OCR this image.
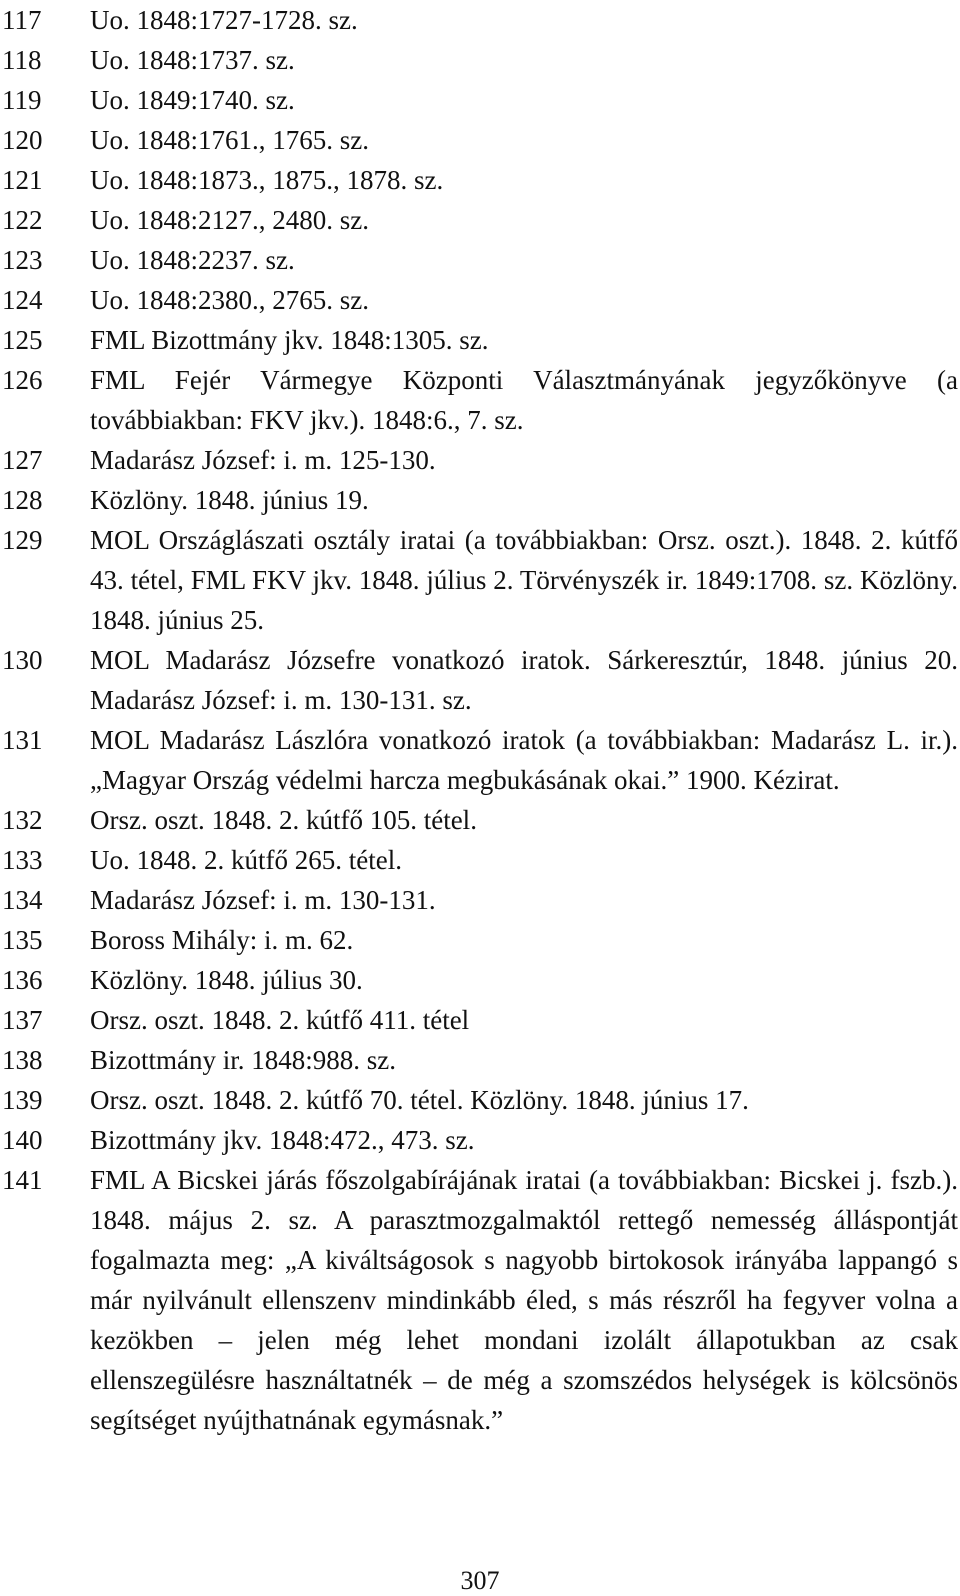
117	Uo. 1848:1727-1728. sz.
118	Uo. 1848:1737. sz.
119	Uo. 1849:1740. sz.
120	Uo. 1848:1761., 1765. sz.
121	Uo. 1848:1873., 1875., 1878. sz.
122	Uo. 1848:2127., 2480. sz.
123	Uo. 1848:2237. sz.
124	Uo. 1848:2380., 2765. sz.
125	FML Bizottmány jkv. 1848:1305. sz.
126	FML Fejér Vármegye Központi Választmányának jegyzőkönyve (a továbbiakban: FKV jkv.). 1848:6., 7. sz.
127	Madarász József: i. m. 125-130.
128	Közlöny. 1848. június 19.
129	MOL Országlászati osztály iratai (a továbbiakban: Orsz. oszt.). 1848. 2. kútfő 43. tétel, FML FKV jkv. 1848. július 2. Törvényszék ir. 1849:1708. sz. Közlöny. 1848. június 25.
130	MOL Madarász Józsefre vonatkozó iratok. Sárkeresztúr, 1848. június 20. Madarász József: i. m. 130-131. sz.
131	MOL Madarász Lászlóra vonatkozó iratok (a továbbiakban: Madarász L. ir.). „Magyar Ország védelmi harcza megbukásának okai.” 1900. Kézirat.
132	Orsz. oszt. 1848. 2. kútfő 105. tétel.
133	Uo. 1848. 2. kútfő 265. tétel.
134	Madarász József: i. m. 130-131.
135	Boross Mihály: i. m. 62.
136	Közlöny. 1848. július 30.
137	Orsz. oszt. 1848. 2. kútfő 411. tétel
138	Bizottmány ir. 1848:988. sz.
139	Orsz. oszt. 1848. 2. kútfő 70. tétel. Közlöny. 1848. június 17.
140	Bizottmány jkv. 1848:472., 473. sz.
141	FML A Bicskei járás főszolgabírájának iratai (a továbbiakban: Bicskei j. fszb.). 1848. május 2. sz. A parasztmozgalmaktól rettegő nemesség álláspontját fogalmazta meg: „A kiváltságosok s nagyobb birtokosok irányába lappangó s már nyilvánult ellenszenv mindinkább éled, s más részről ha fegyver volna a kezökben – jelen még lehet mondani izolált állapotukban az csak ellenszegülésre használtatnék – de még a szomszédos helységek is kölcsönös segítséget nyújthatnának egymásnak.”
307
